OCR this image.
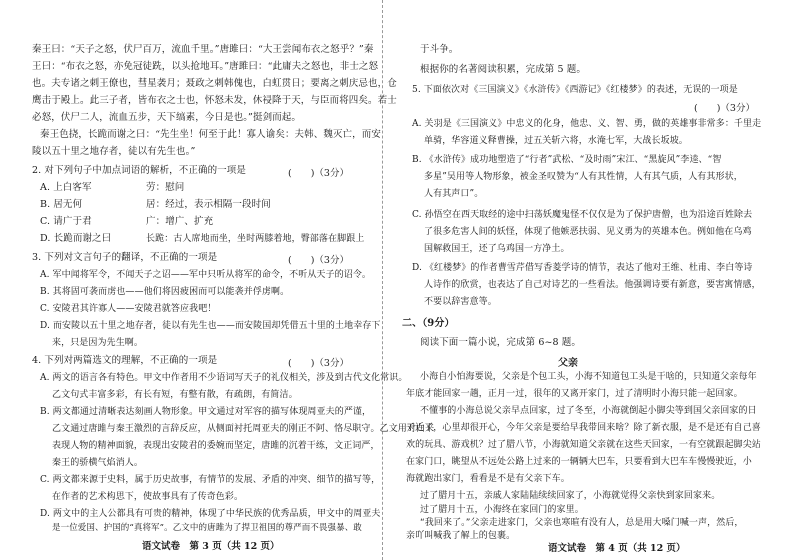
秦王曰：“天子之怒，伏尸百万，流血千里。”唐雎曰：“大王尝闻布衣之怒乎？”秦
王曰：“布衣之怒，亦免冠徒跣，以头抢地耳。”唐雎曰：“此庸夫之怒也，非士之怒
也。夫专诸之刺王僚也，彗星袭月；聂政之刺韩傀也，白虹贯日；要离之刺庆忌也，仓
鹰击于殿上。此三子者，皆布衣之士也，怀怒未发，休祲降于天，与臣而将四矣。若士
必怒，伏尸二人，流血五步，天下缟素，今日是也。”挺剑而起。
秦王色挠，长跪而谢之曰：“先生坐！何至于此！寡人谕矣：夫韩、魏灭亡，而安
陵以五十里之地存者，徒以有先生也。”
2. 对下列句子中加点词语的解析，不正确的一项是	(　　)（3分）
A. 上白客军	劳：慰问
B. 居无何	居：经过，表示相隔一段时间
C. 请广于君	广：增广、扩充
D. 长跪而谢之曰	长跪：古人席地而坐，坐时两膝着地，臀部落在脚跟上
3. 下列对文言句子的翻译，不正确的一项是	(　　)（3分）
A. 军中闻将军令，不闻天子之诏——军中只听从将军的命令，不听从天子的诏令。
B. 其将固可袭而虏也——他们将因疲困而可以能袭并俘虏啊。
C. 安陵君其许寡人——安陵君就答应我吧！
D. 而安陵以五十里之地存者，徒以有先生也——而安陵国却凭借五十里的土地幸存下
来，只是因为先生啊。
4. 下列对两篇选文的理解，不正确的一项是	(　　)（3分）
A. 两文的语言各有特色。甲文中作者用不少语词写天子的礼仪相关，涉及到古代文化常识。
乙文句式丰富多彩，有长有短，有整有散，有疏朗，有简洁。
B. 两文都通过清晰表达刻画人物形象。甲文通过对军容的描写体现周亚夫的严谨，
乙文通过唐雎与秦王激烈的言辞反应，从侧面衬托周亚夫的刚正不阿、恪尽职守。乙文用对白来
表现人物的精神面貌，表现出安陵君的委婉而坚定，唐雎的沉着干练，文正词严，
秦王的骄横气焰消人。
C. 两文都来源于史料，属于历史故事，有情节的发展、矛盾的冲突、细节的描写等，
在作者的艺术构思下，使故事具有了传奇色彩。
D. 两文中的主人公都具有可贵的精神，体现了中华民族的优秀品质，甲文中的周亚夫
是一位爱国、护国的“真将军”。乙文中的唐雎为了捍卫祖国的尊严而不畏强暴、敢
语文试卷　第 3 页（共 12 页）
于斗争。
根据你的名著阅读积累，完成第 5 题。
5. 下面依次对《三国演义》《水浒传》《西游记》《红楼梦》的表述，无误的一项是
(　　)（3分）
A. 关羽是《三国演义》中忠义的化身，他忠、义、智、勇，做的英雄事非常多：千里走
单骑，华容道义释曹操，过五关斩六将，水淹七军，大战长坂坡。
B. 《水浒传》成功地塑造了“行者”武松、“及时雨”宋江、“黑旋风”李逵、“智
多星”吴用等人物形象，被金圣叹赞为“人有其性情，人有其气质，人有其形状，
人有其声口”。
C. 孙悟空在西天取经的途中扫荡妖魔鬼怪不仅仅是为了保护唐僧，也为沿途百姓除去
了很多危害人间的妖怪，体现了他嫉恶扶弱、见义勇为的英雄本色。例如他在乌鸡
国解救国王，还了乌鸡国一方净土。
D. 《红楼梦》的作者曹雪芹借写香菱学诗的情节，表达了他对王维、杜甫、李白等诗
人诗作的欣赏，也表达了自己对诗艺的一些看法。他强调诗要有新意，要害寓情感，
不要以辞害意等。
二、（9分）
阅读下面一篇小说，完成第 6~8 题。
父亲
小海自小怕海要说，父亲是个包工头，小海不知道包工头是干啥的，只知道父亲每年
年底才能回家一趟，正月一过，很年的又离开家门，过了清明时小海只能一起回家。
不懂事的小海总说父亲早点回家，过了冬至，小海就倒起小脚尖等到国父亲回家的日
子近了，心里却很开心，今年父亲是要给早我带回来啥？除了新衣服，是不是还有自己喜
欢的玩具、游戏机？过了腊八节，小海就知道父亲就在这些天回家，一有空就跟起脚尖站
在家门口，眺望从不远处公路上过来的一辆辆大巴车，只要看到大巴车车慢慢驶近，小
海就跑出家门，看看是不是有父亲下车。
过了腊月十五，亲戚人家陆陆续续回家了，小海就觉得父亲快到家回家来。
过了腊月十五，小海终在家回门的家里。
“我回来了。”父亲走进家门，父亲也寒暄有没有人，总是用大嗓门喊一声，然后，
亲吖叫喊我了解上的包裹。
语文试卷　第 4 页（共 12 页）
